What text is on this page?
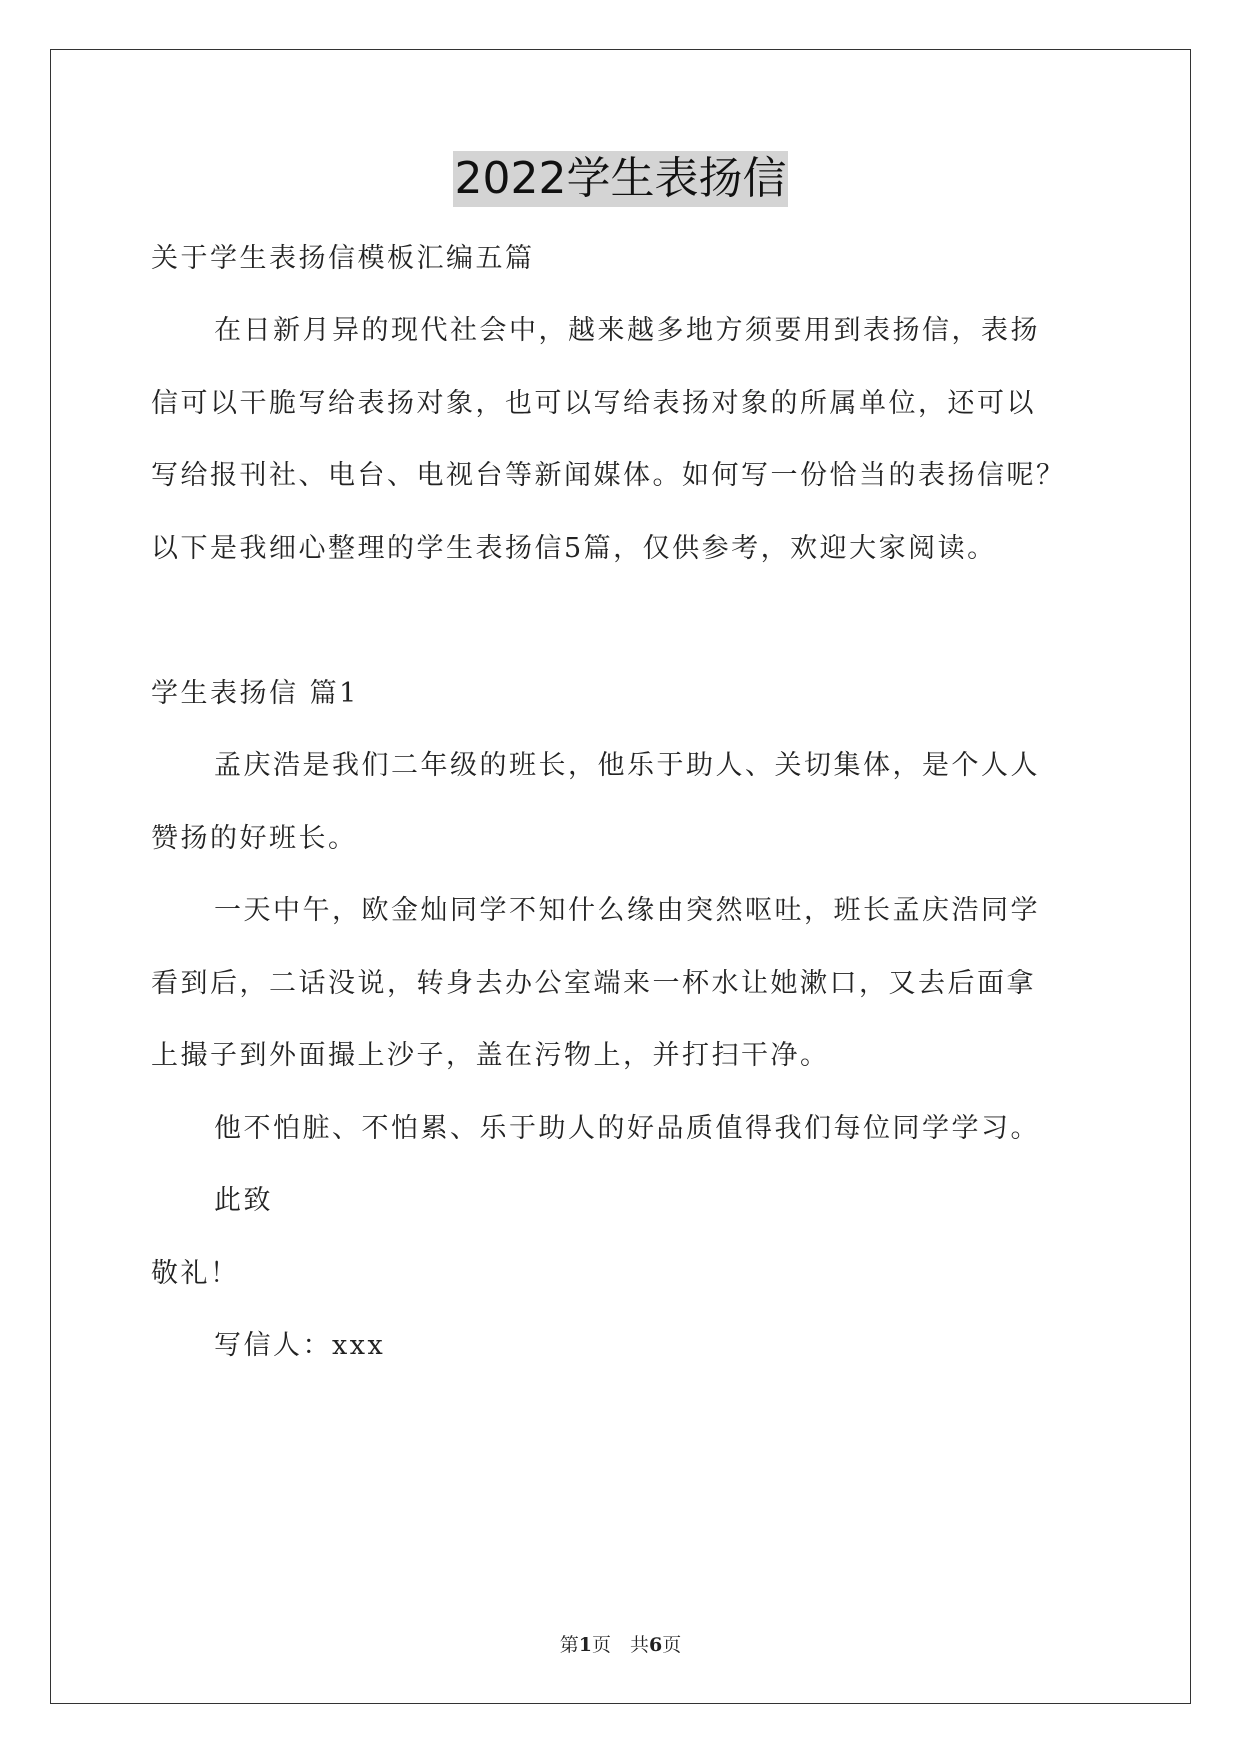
2022学生表扬信
关于学生表扬信模板汇编五篇
在日新月异的现代社会中，越来越多地方须要用到表扬信，表扬
信可以干脆写给表扬对象，也可以写给表扬对象的所属单位，还可以
写给报刊社、电台、电视台等新闻媒体。如何写一份恰当的表扬信呢？
以下是我细心整理的学生表扬信5篇，仅供参考，欢迎大家阅读。
学生表扬信 篇1
孟庆浩是我们二年级的班长，他乐于助人、关切集体，是个人人
赞扬的好班长。
一天中午，欧金灿同学不知什么缘由突然呕吐，班长孟庆浩同学
看到后，二话没说，转身去办公室端来一杯水让她漱口，又去后面拿
上撮子到外面撮上沙子，盖在污物上，并打扫干净。
他不怕脏、不怕累、乐于助人的好品质值得我们每位同学学习。
此致
敬礼！
写信人：xxx
第1页　共6页
